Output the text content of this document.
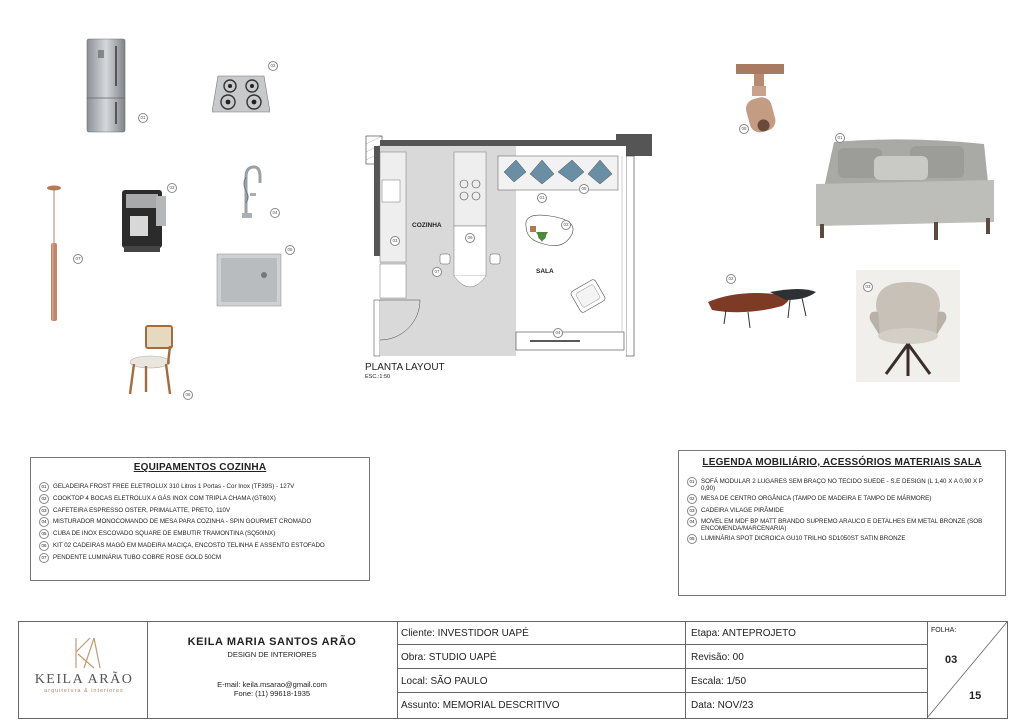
01
02
07
03
04
05
06
COZINHA
SALA
01
02
03
04
05
06
07
PLANTA LAYOUT
ESC.:1:50
05
01
02
03
EQUIPAMENTOS COZINHA
01	GELADEIRA FROST FREE ELETROLUX 310 Litros 1 Portas - Cor Inox (TF39S) - 127V
02	COOKTOP 4 BOCAS ELETROLUX A GÁS INOX COM TRIPLA CHAMA (GT60X)
03	CAFETEIRA ESPRESSO OSTER, PRIMALATTE, PRETO, 110V
04	MISTURADOR MONOCOMANDO DE MESA PARA COZINHA - SPIN GOURMET CROMADO
05	CUBA DE INOX ESCOVADO SQUARE DE EMBUTIR TRAMONTINA (SQ50INX)
06	KIT 02 CADEIRAS MAGÓ EM MADEIRA MACIÇA, ENCOSTO TELINHA E ASSENTO ESTOFADO
07	PENDENTE LUMINÁRIA TUBO COBRE ROSE GOLD 50CM
LEGENDA MOBILIÁRIO, ACESSÓRIOS MATERIAIS SALA
01	SOFÁ MODULAR 2 LUGARES SEM BRAÇO NO TECIDO SUEDE - S.E DESIGN (L 1,40 X A 0,90 X P 0,90)
02	MESA DE CENTRO ORGÂNICA (TAMPO DE MADEIRA E TAMPO DE MÁRMORE)
03	CADEIRA VILAGE PIRÂMIDE
04	MOVEL EM MDF BP MATT BRANDO SUPREMO ARAUCO E DETALHES EM METAL BRONZE (SOB ENCOMENDA/MARCENARIA)
05	LUMINÁRIA SPOT DICROICA GU10 TRILHO SD1050ST SATIN BRONZE
KEILA ARÃO
arquitetura & interiores
KEILA MARIA SANTOS ARÃO
DESIGN DE INTERIORES
E-mail: keila.msarao@gmail.com
Fone: (11) 99618-1935
Cliente: INVESTIDOR UAPÉ
Obra: STUDIO UAPÉ
Local: SÃO PAULO
Assunto: MEMORIAL DESCRITIVO
Etapa: ANTEPROJETO
Revisão: 00
Escala: 1/50
Data: NOV/23
FOLHA:
03
15
